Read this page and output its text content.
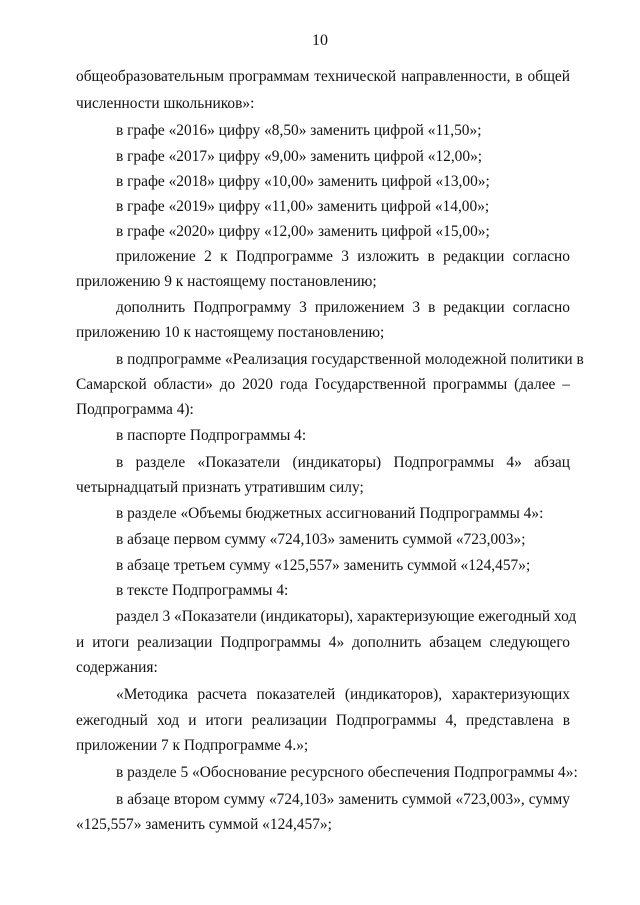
10
общеобразовательным программам технической направленности, в общей
численности школьников»:
в графе «2016» цифру «8,50» заменить цифрой «11,50»;
в графе «2017» цифру «9,00» заменить цифрой «12,00»;
в графе «2018» цифру «10,00» заменить цифрой «13,00»;
в графе «2019» цифру «11,00» заменить цифрой «14,00»;
в графе «2020» цифру «12,00» заменить цифрой «15,00»;
приложение 2 к Подпрограмме 3 изложить в редакции согласно
приложению 9 к настоящему постановлению;
дополнить Подпрограмму 3 приложением 3 в редакции согласно
приложению 10 к настоящему постановлению;
в подпрограмме «Реализация государственной молодежной политики в
Самарской области» до 2020 года Государственной программы (далее –
Подпрограмма 4):
в паспорте Подпрограммы 4:
в разделе «Показатели (индикаторы) Подпрограммы 4» абзац
четырнадцатый признать утратившим силу;
в разделе «Объемы бюджетных ассигнований Подпрограммы 4»:
в абзаце первом сумму «724,103» заменить суммой «723,003»;
в абзаце третьем сумму «125,557» заменить суммой «124,457»;
в тексте Подпрограммы 4:
раздел 3 «Показатели (индикаторы), характеризующие ежегодный ход
и итоги реализации Подпрограммы 4» дополнить абзацем следующего
содержания:
«Методика расчета показателей (индикаторов), характеризующих
ежегодный ход и итоги реализации Подпрограммы 4, представлена в
приложении 7 к Подпрограмме 4.»;
в разделе 5 «Обоснование ресурсного обеспечения Подпрограммы 4»:
в абзаце втором сумму «724,103» заменить суммой «723,003», сумму
«125,557» заменить суммой «124,457»;
